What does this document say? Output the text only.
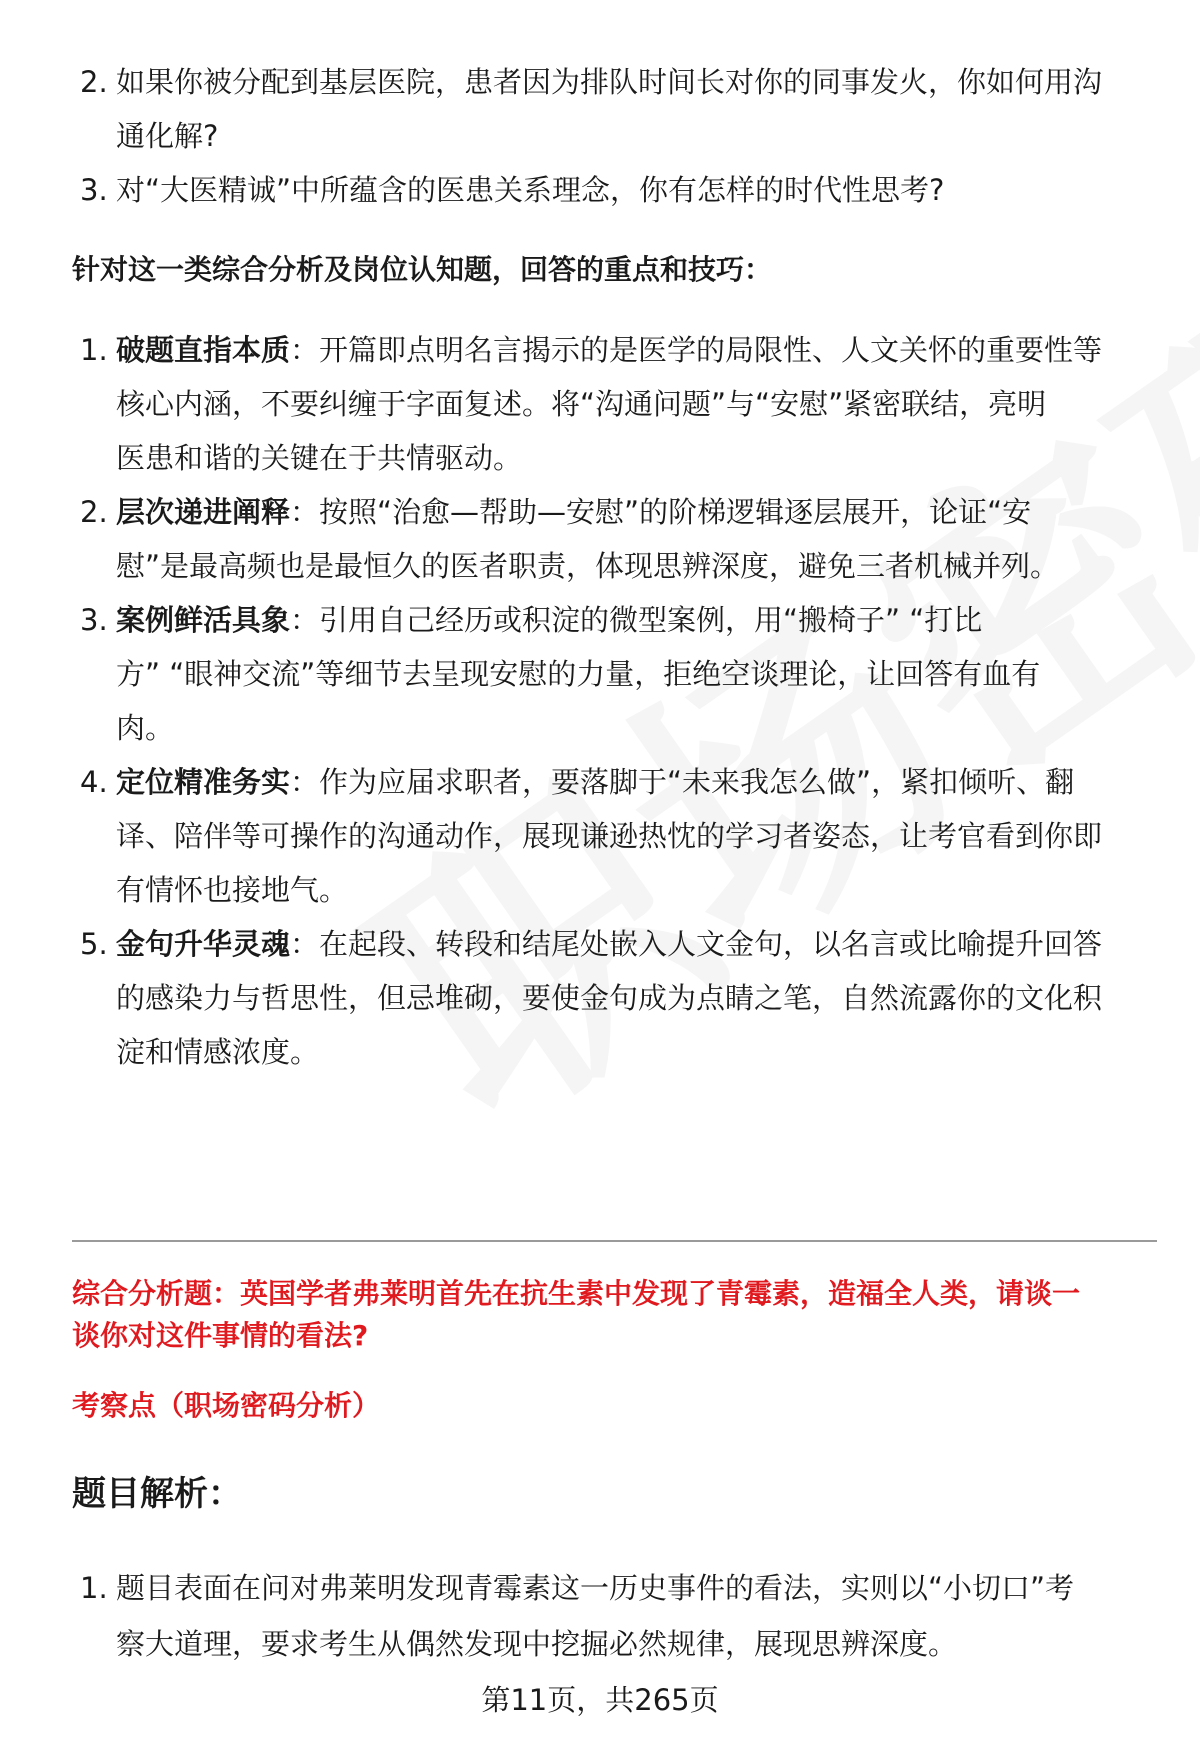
2. 如果你被分配到基层医院，患者因为排队时间长对你的同事发火，你如何用沟
通化解?
3. 对“大医精诚”中所蕴含的医患关系理念，你有怎样的时代性思考?
针对这一类综合分析及岗位认知题，回答的重点和技巧：
1. 破题直指本质：开篇即点明名言揭示的是医学的局限性、人文关怀的重要性等
核心内涵，不要纠缠于字面复述。将“沟通问题”与“安慰”紧密联结，亮明
医患和谐的关键在于共情驱动。
2. 层次递进阐释：按照“治愈—帮助—安慰”的阶梯逻辑逐层展开，论证“安
慰”是最高频也是最恒久的医者职责，体现思辨深度，避免三者机械并列。
3. 案例鲜活具象：引用自己经历或积淀的微型案例，用“搬椅子” “打比
方” “眼神交流”等细节去呈现安慰的力量，拒绝空谈理论，让回答有血有
肉。
4. 定位精准务实：作为应届求职者，要落脚于“未来我怎么做”，紧扣倾听、翻
译、陪伴等可操作的沟通动作，展现谦逊热忱的学习者姿态，让考官看到你即
有情怀也接地气。
5. 金句升华灵魂：在起段、转段和结尾处嵌入人文金句，以名言或比喻提升回答
的感染力与哲思性，但忌堆砌，要使金句成为点睛之笔，自然流露你的文化积
淀和情感浓度。
综合分析题：英国学者弗莱明首先在抗生素中发现了青霉素，造福全人类，请谈一
谈你对这件事情的看法?
考察点（职场密码分析）
题目解析：
1. 题目表面在问对弗莱明发现青霉素这一历史事件的看法，实则以“小切口”考
察大道理，要求考生从偶然发现中挖掘必然规律，展现思辨深度。
第11页，共265页
